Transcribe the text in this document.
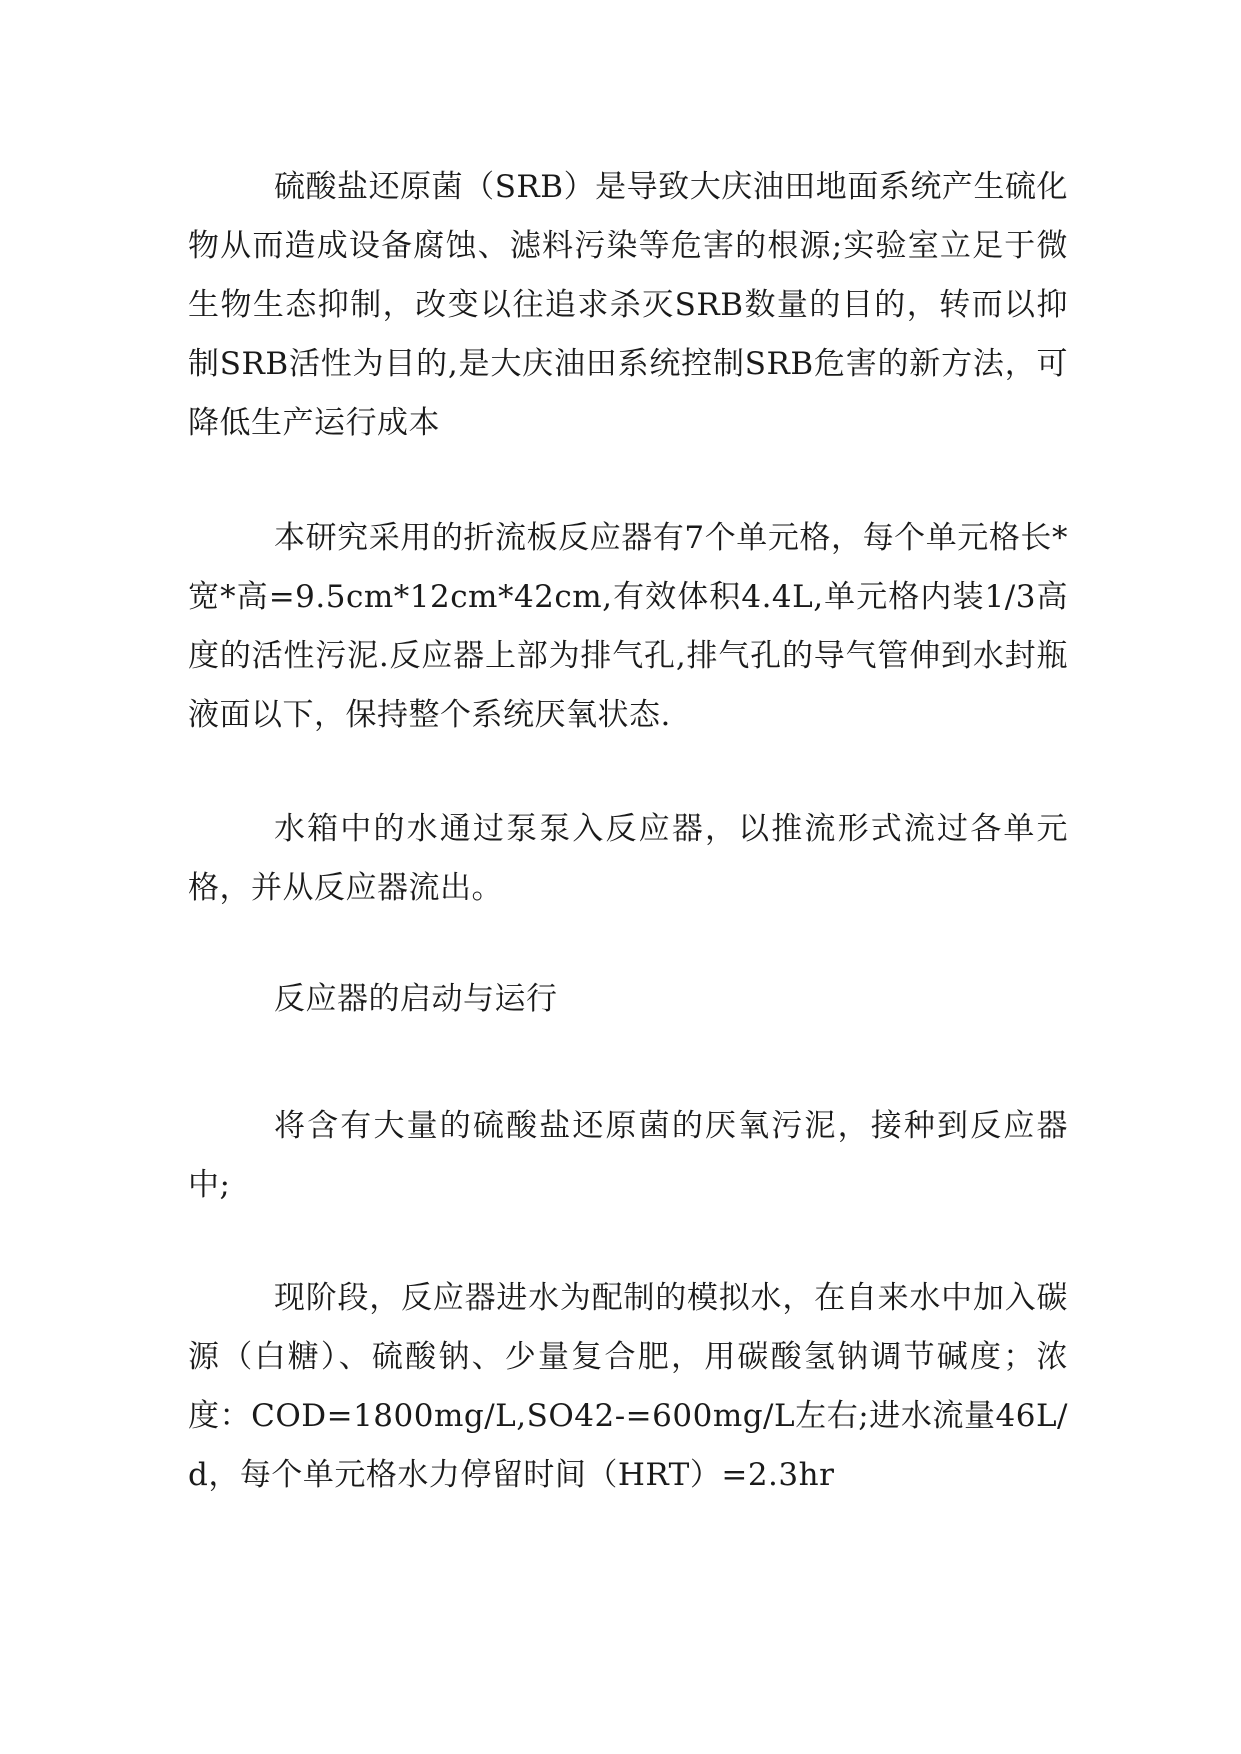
硫酸盐还原菌（SRB）是导致大庆油田地面系统产生硫化物从而造成设备腐蚀、滤料污染等危害的根源;实验室立足于微生物生态抑制，改变以往追求杀灭SRB数量的目的，转而以抑制SRB活性为目的,是大庆油田系统控制SRB危害的新方法，可降低生产运行成本

本研究采用的折流板反应器有7个单元格，每个单元格长*宽*高=9.5cm*12cm*42cm,有效体积4.4L,单元格内装1/3高度的活性污泥.反应器上部为排气孔,排气孔的导气管伸到水封瓶液面以下，保持整个系统厌氧状态.

水箱中的水通过泵泵入反应器，以推流形式流过各单元格，并从反应器流出。

反应器的启动与运行

将含有大量的硫酸盐还原菌的厌氧污泥，接种到反应器中;

现阶段，反应器进水为配制的模拟水，在自来水中加入碳源（白糖）、硫酸钠、少量复合肥，用碳酸氢钠调节碱度；浓度：COD=1800mg/L,SO42-=600mg/L左右;进水流量46L/d，每个单元格水力停留时间（HRT）=2.3hr
